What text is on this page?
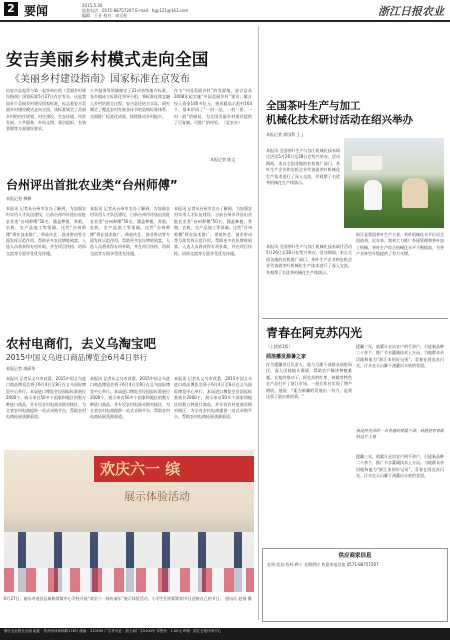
2 要闻	2015.5.30
监督电话：0571-88757207 E-mail：hgy121@163.com
编辑：王亚 校对：胡运松	浙江日报农业
安吉美丽乡村模式走向全国
《美丽乡村建设指南》国家标准在京发布
由安吉县起草与第一起草单位的《美丽乡村建设指南》国家标准5月27日在京发布，这是我国首个美丽乡村建设国家标准，标志着安吉美丽乡村建设模式走向全国。该标准规定了美丽乡村的村庄规划、村庄建设、生态环境、经济发展、公共服务、乡风文明、基层组织、长效管理等方面建设要求。
公共服务等领域制定了21项省级地方标准，各乡镇成立标准化领导小组，将标准化理念融入乡村治理全过程。安吉县还结合实际，研究制定了覆盖农村发展各环节的县级标准体系，全面推广标准化成果，持续推动乡村振兴。
作为“中国美丽乡村”的发源地，安吉县从2008年起实施“中国美丽乡村”建设，累计投入资金140多亿元，建成精品示范村164个，基本形成了“一村一品、一村一景、一村一韵”的格局，为全国美丽乡村建设提供了可复制、可推广的经验。（县农办）
本报记者 陈文
台州评出首批农业类“台州师傅”
本报记者 傅柳
本报讯 记者从台州市农办了解到，为加强农村实用人才队伍建设，日前台州市评选出首批农业类“台州师傅”50名，涵盖种植、养殖、农机、农产品加工等领域。这些“台州师傅”将在技术推广、带徒传艺、创业带动等方面发挥示范作用，帮助更多农民增收致富。入选人员将获得专项补助，并在项目扶持、培训交流等方面享受优先待遇。
本报讯 记者从台州市农办了解到，为加强农村实用人才队伍建设，日前台州市评选出首批农业类“台州师傅”50名，涵盖种植、养殖、农机、农产品加工等领域。这些“台州师傅”将在技术推广、带徒传艺、创业带动等方面发挥示范作用，帮助更多农民增收致富。入选人员将获得专项补助，并在项目扶持、培训交流等方面享受优先待遇。
本报讯 记者从台州市农办了解到，为加强农村实用人才队伍建设，日前台州市评选出首批农业类“台州师傅”50名，涵盖种植、养殖、农机、农产品加工等领域。这些“台州师傅”将在技术推广、带徒传艺、创业带动等方面发挥示范作用，帮助更多农民增收致富。入选人员将获得专项补助，并在项目扶持、培训交流等方面享受优先待遇。
农村电商们，去义乌淘宝吧
2015中国义乌进口商品博览会6月4日举行
本报记者 唐丽华
本报讯 记者从义乌市获悉，2015中国义乌进口商品博览会将于6月4日至8日在义乌国际博览中心举行。本届进口博览会设国际标准展位2000个，展示来自50多个国家和地区的数万种进口商品，并专设农村电商采购对接区，为全省农村电商提供一站式采购平台，帮助农村电商拓展货源渠道。
本报讯 记者从义乌市获悉，2015中国义乌进口商品博览会将于6月4日至8日在义乌国际博览中心举行。本届进口博览会设国际标准展位2000个，展示来自50多个国家和地区的数万种进口商品，并专设农村电商采购对接区，为全省农村电商提供一站式采购平台，帮助农村电商拓展货源渠道。
本报讯 记者从义乌市获悉，2015中国义乌进口商品博览会将于6月4日至8日在义乌国际博览中心举行。本届进口博览会设国际标准展位2000个，展示来自50多个国家和地区的数万种进口商品，并专设农村电商采购对接区，为全省农村电商提供一站式采购平台，帮助农村电商拓展货源渠道。
欢庆六一 缤
展示体验活动
6月27日，丽水市遂昌县新路湾镇中心学校开展“欢庆六一缤纷童年”展示体验活动，小学生们用精彩的节目迎接自己的节日。 通讯员 赵扬 摄
全国茶叶生产与加工
机械化技术研讨活动在绍兴举办
本报记者 俞国利 王 j
本报讯 全国茶叶生产与加工机械化技术研讨活动5月26日至28日在绍兴举办。活动期间，来自全国各地的农机推广部门、茶叶生产企业和农机企业代表就茶叶机械化生产技术进行了深入交流，并观摩了名优茶机械化生产线演示。
本报讯 全国茶叶生产与加工机械化技术研讨活动5月26日至28日在绍兴举办。活动期间，来自全国各地的农机推广部门、茶叶生产企业和农机企业代表就茶叶机械化生产技术进行了深入交流，并观摩了名优茶机械化生产线演示。
浙江是我国茶叶生产大省，茶叶机械化水平位居全国前列。近年来，我省大力推广茶园管理和茶叶加工机械，茶叶生产综合机械化水平不断提高，为茶产业转型升级提供了有力支撑。
青春在阿克苏闪光
（上接第1版）
茴浪播发源暑之家
作为援疆项目负责人，他与当地干部群众同吃同住，深入田间地头调研，帮助农户解决种植难题。在他的推动下，阿克苏的红枣、核桃等特色农产品打开了浙江市场，一批合作社实现了增产增收。他说：“能为新疆的发展出一份力，是我这辈子最自豪的事。”
援疆三年，他累计走访农户两千余户，引进新品种二十余个，推广节水灌溉技术上万亩。当地群众亲切地称他为“浙江来的好兄弟”。青春在阿克苏闪光，汗水在天山脚下浇灌出丰收的希望。
我是阿克苏的一名普通的援疆干部，我愿把青春献给这片土地
援疆三年，他累计走访农户两千余户，引进新品种二十余个，推广节水灌溉技术上万亩。当地群众亲切地称他为“浙江来的好兄弟”。青春在阿克苏闪光，汗水在天山脚下浇灌出丰收的希望。
供应商家信息
农资·农具·农药·种子 长期供应 欢迎来电洽谈 0571-88757207
浙江农业报社出版 地址：杭州市体育场路178号 邮编：310039 广告许可证：浙工商广字0100号 零售价：1.00元 印刷：浙江日报印务中心
